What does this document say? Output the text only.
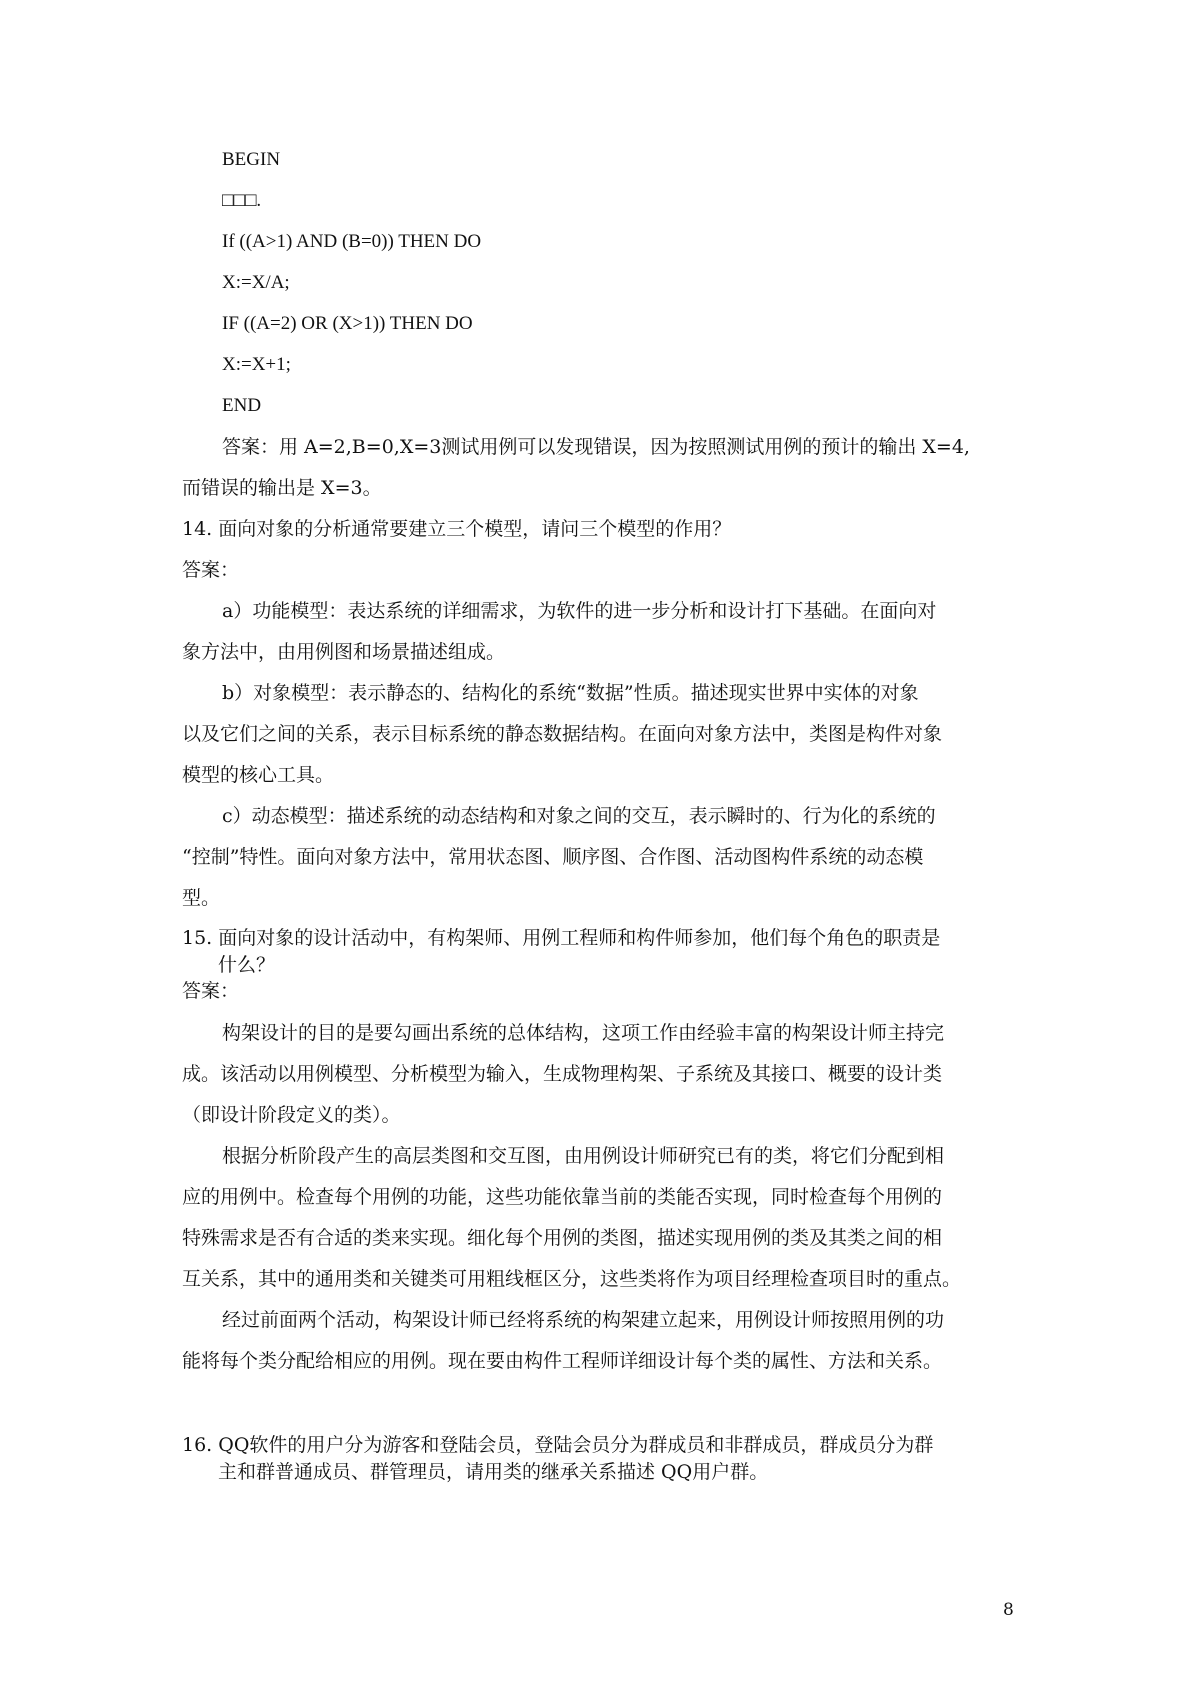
BEGIN
□□□.
If ((A>1) AND (B=0)) THEN DO
X:=X/A;
IF ((A=2) OR (X>1)) THEN DO
X:=X+1;
END
答案：用 A=2,B=0,X=3测试用例可以发现错误，因为按照测试用例的预计的输出 X=4,
而错误的输出是 X=3。
14. 面向对象的分析通常要建立三个模型，请问三个模型的作用？
答案：
a）功能模型：表达系统的详细需求，为软件的进一步分析和设计打下基础。在面向对
象方法中，由用例图和场景描述组成。
b）对象模型：表示静态的、结构化的系统“数据”性质。描述现实世界中实体的对象
以及它们之间的关系，表示目标系统的静态数据结构。在面向对象方法中，类图是构件对象
模型的核心工具。
c）动态模型：描述系统的动态结构和对象之间的交互，表示瞬时的、行为化的系统的
“控制”特性。面向对象方法中，常用状态图、顺序图、合作图、活动图构件系统的动态模
型。
15. 面向对象的设计活动中，有构架师、用例工程师和构件师参加，他们每个角色的职责是
什么？
答案：
构架设计的目的是要勾画出系统的总体结构，这项工作由经验丰富的构架设计师主持完
成。该活动以用例模型、分析模型为输入，生成物理构架、子系统及其接口、概要的设计类
（即设计阶段定义的类）。
根据分析阶段产生的高层类图和交互图，由用例设计师研究已有的类，将它们分配到相
应的用例中。检查每个用例的功能，这些功能依靠当前的类能否实现，同时检查每个用例的
特殊需求是否有合适的类来实现。细化每个用例的类图，描述实现用例的类及其类之间的相
互关系，其中的通用类和关键类可用粗线框区分，这些类将作为项目经理检查项目时的重点。
经过前面两个活动，构架设计师已经将系统的构架建立起来，用例设计师按照用例的功
能将每个类分配给相应的用例。现在要由构件工程师详细设计每个类的属性、方法和关系。
16. QQ软件的用户分为游客和登陆会员，登陆会员分为群成员和非群成员，群成员分为群
主和群普通成员、群管理员，请用类的继承关系描述 QQ用户群。
8
